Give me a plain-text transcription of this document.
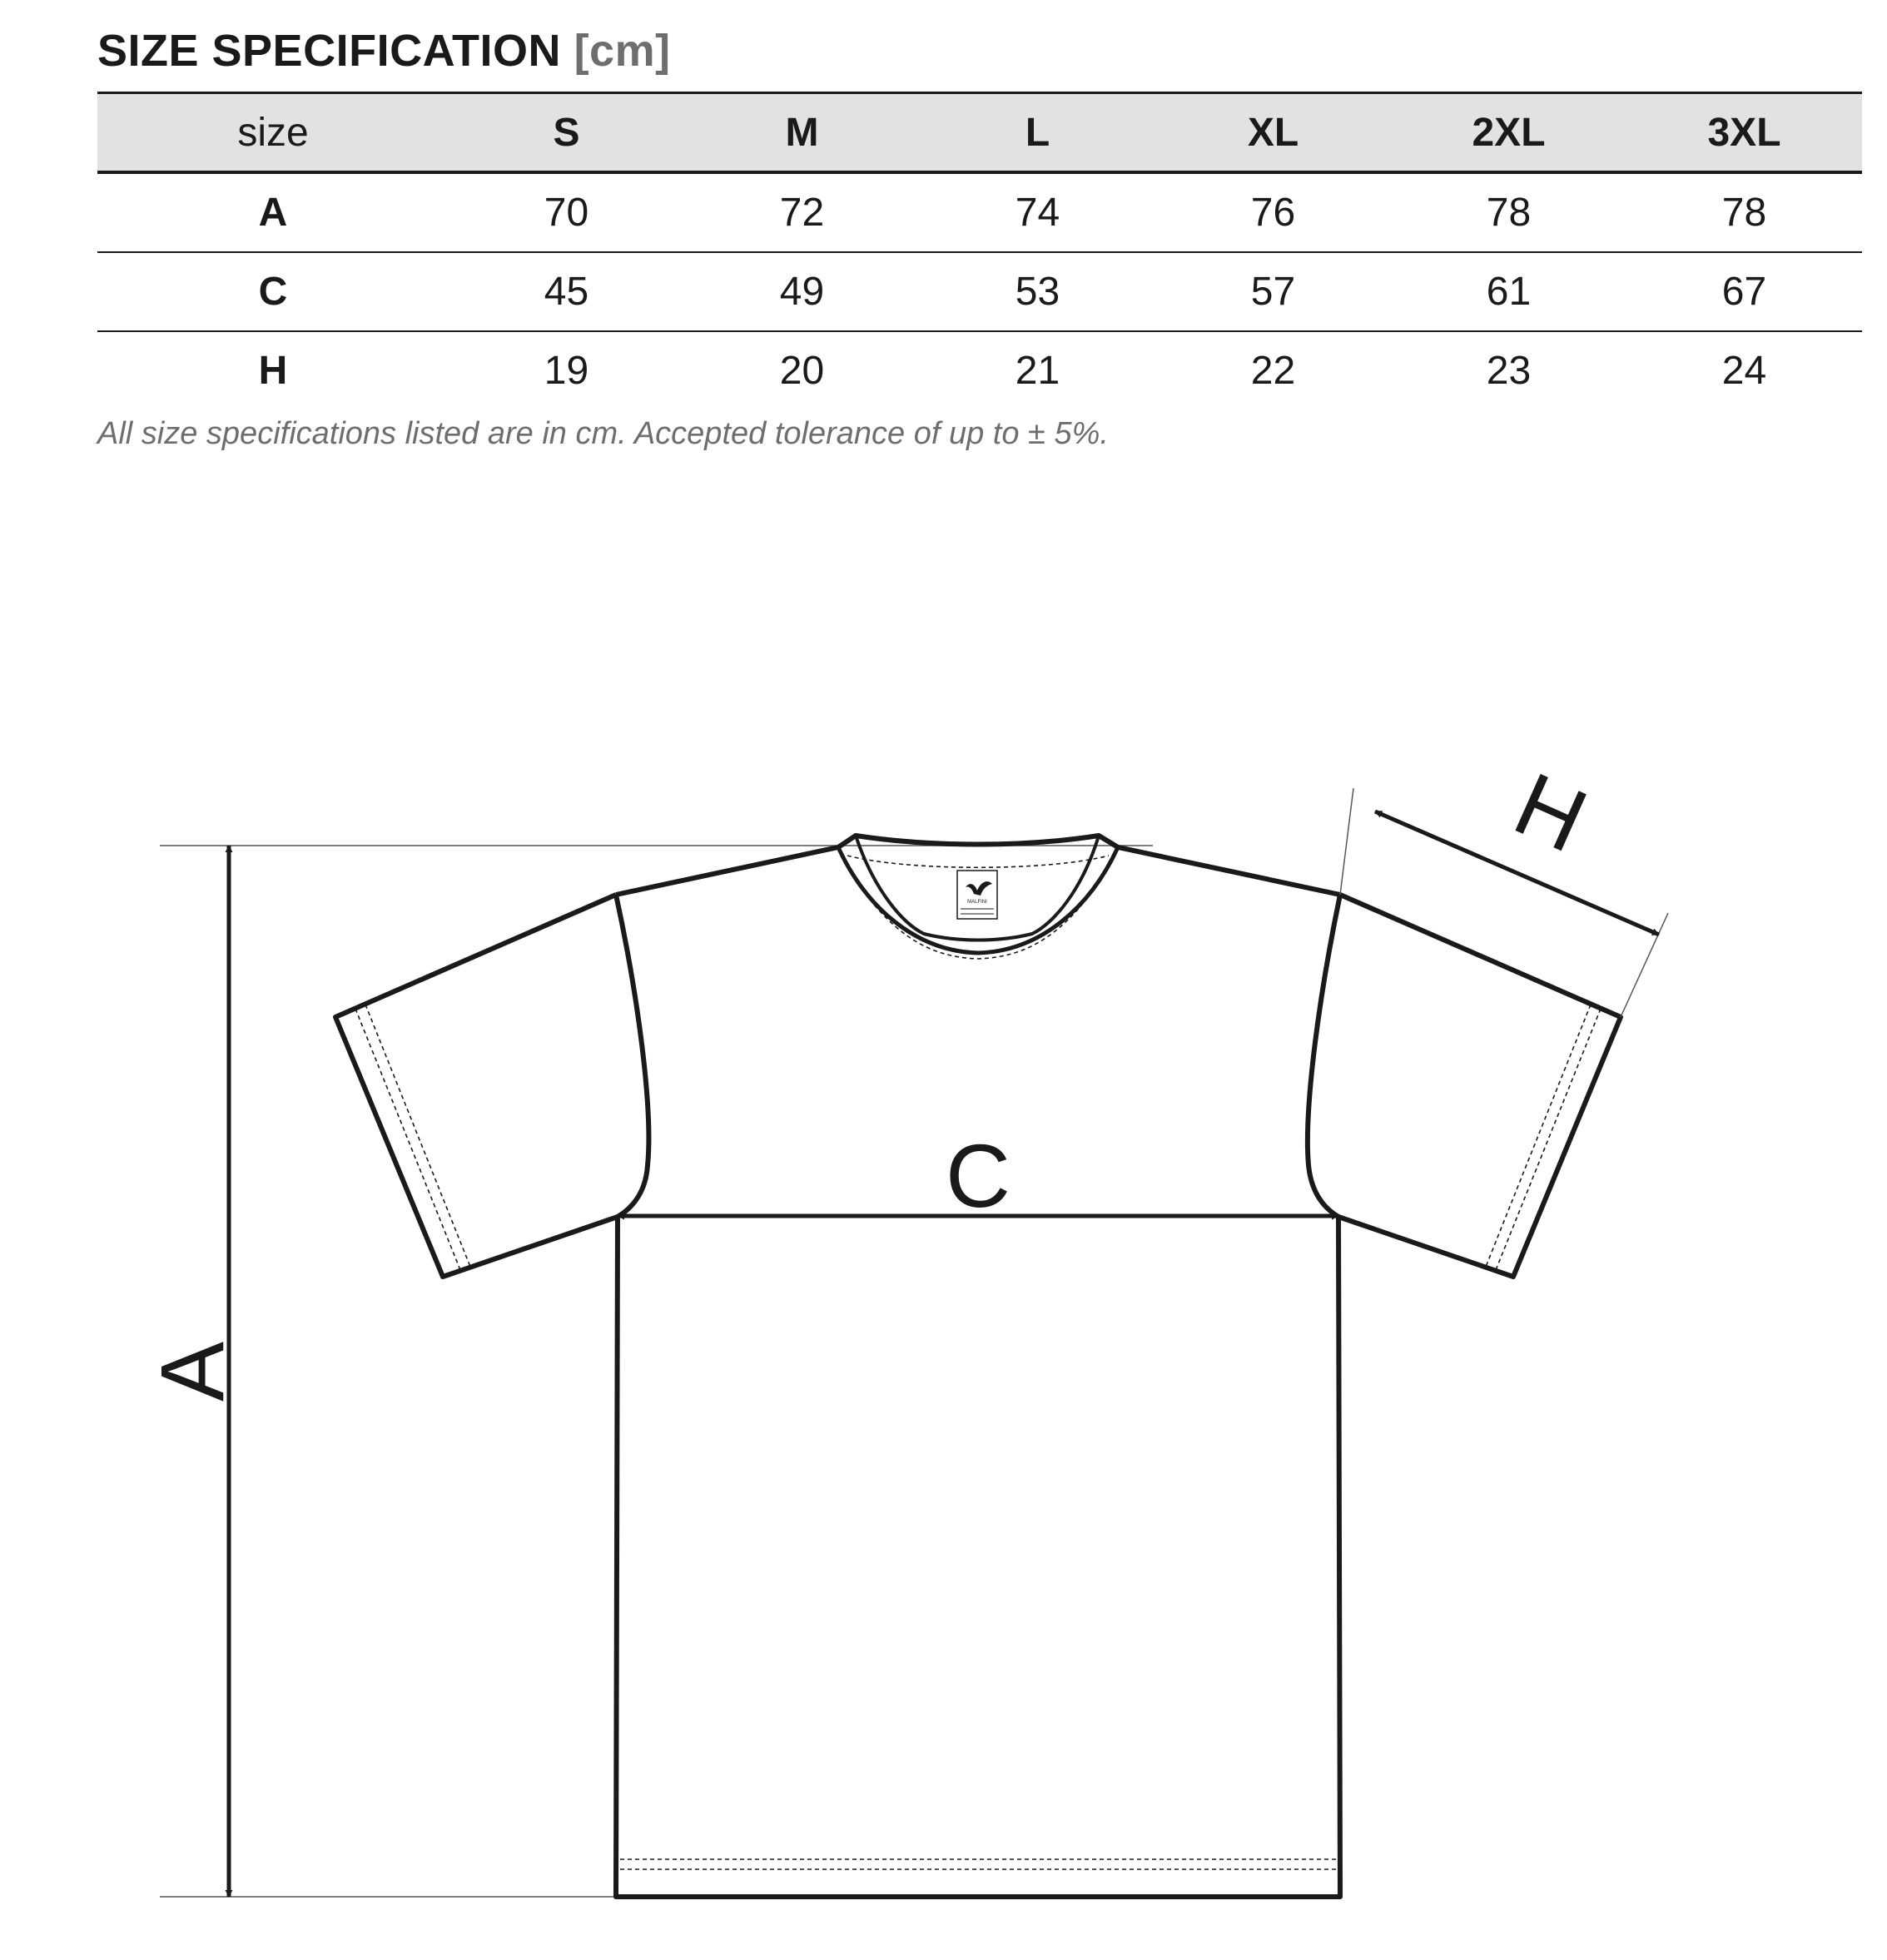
SIZE SPECIFICATION [cm]
size	S	M	L	XL	2XL	3XL
A	70	72	74	76	78	78
C	45	49	53	57	61	67
H	19	20	21	22	23	24
All size specifications listed are in cm. Accepted tolerance of up to ± 5%.
A
MALFINI
C
H
